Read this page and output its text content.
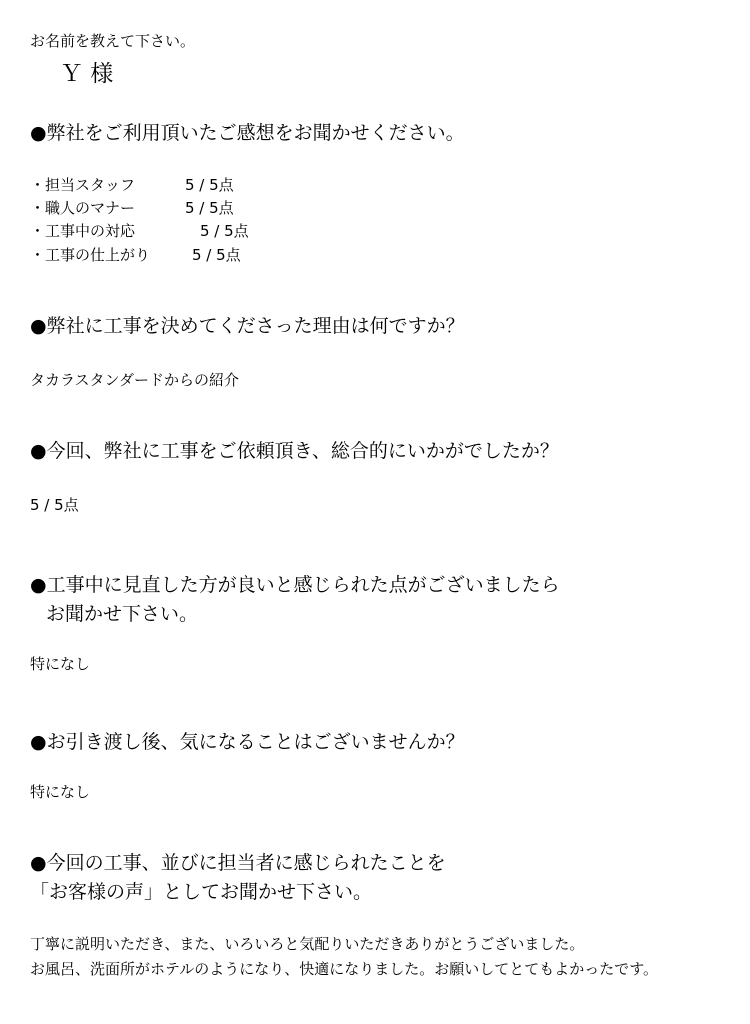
お名前を教えて下さい。
Ｙ 様
●弊社をご利用頂いたご感想をお聞かせください。
・担当スタッフ	5 / 5点
・職人のマナー	5 / 5点
・工事中の対応	5 / 5点
・工事の仕上がり	5 / 5点
●弊社に工事を決めてくださった理由は何ですか？
タカラスタンダードからの紹介
●今回、弊社に工事をご依頼頂き、総合的にいかがでしたか？
5 / 5点
●工事中に見直した方が良いと感じられた点がございましたら
お聞かせ下さい。
特になし
●お引き渡し後、気になることはございませんか？
特になし
●今回の工事、並びに担当者に感じられたことを
「お客様の声」としてお聞かせ下さい。
丁寧に説明いただき、また、いろいろと気配りいただきありがとうございました。
お風呂、洗面所がホテルのようになり、快適になりました。お願いしてとてもよかったです。
